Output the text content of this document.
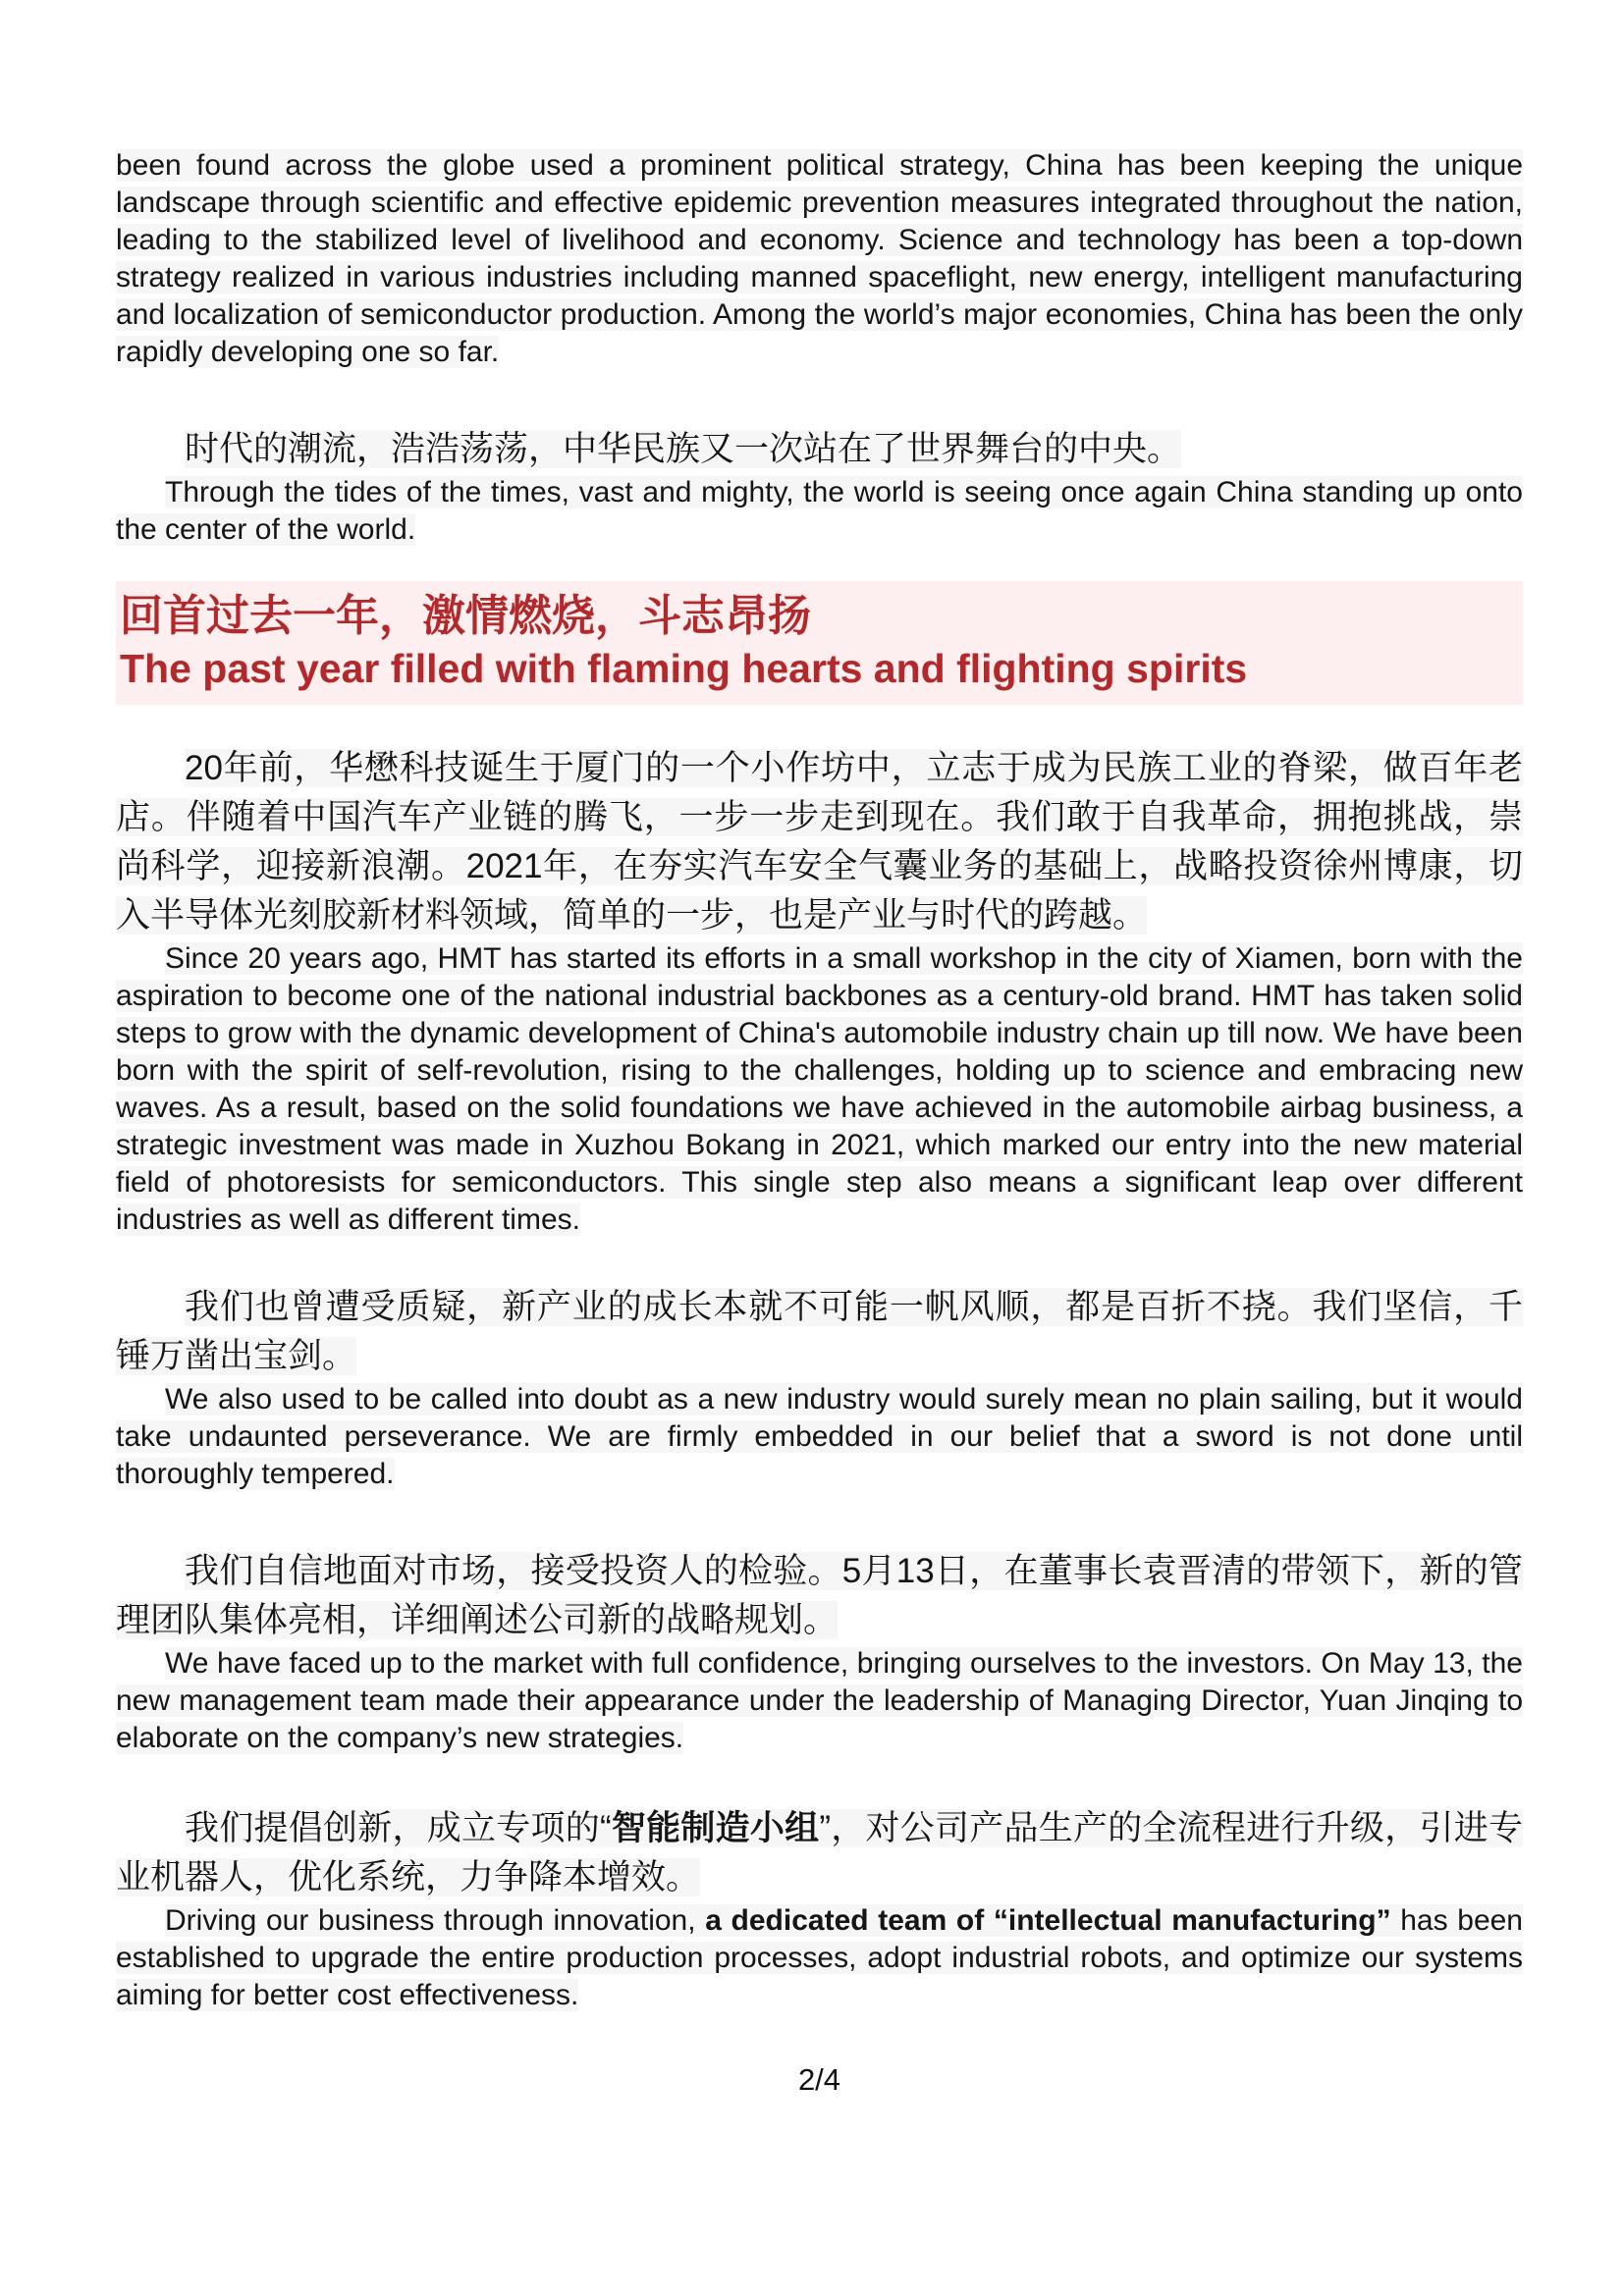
been found across the globe used a prominent political strategy, China has been keeping the unique landscape through scientific and effective epidemic prevention measures integrated throughout the nation, leading to the stabilized level of livelihood and economy. Science and technology has been a top-down strategy realized in various industries including manned spaceflight, new energy, intelligent manufacturing and localization of semiconductor production. Among the world’s major economies, China has been the only rapidly developing one so far.

时代的潮流，浩浩荡荡，中华民族又一次站在了世界舞台的中央。

Through the tides of the times, vast and mighty, the world is seeing once again China standing up onto the center of the world.

回首过去一年，激情燃烧，斗志昂扬

The past year filled with flaming hearts and flighting spirits

20年前，华懋科技诞生于厦门的一个小作坊中，立志于成为民族工业的脊梁，做百年老店。伴随着中国汽车产业链的腾飞，一步一步走到现在。我们敢于自我革命，拥抱挑战，崇尚科学，迎接新浪潮。2021年，在夯实汽车安全气囊业务的基础上，战略投资徐州博康，切入半导体光刻胶新材料领域，简单的一步，也是产业与时代的跨越。

Since 20 years ago, HMT has started its efforts in a small workshop in the city of Xiamen, born with the aspiration to become one of the national industrial backbones as a century-old brand. HMT has taken solid steps to grow with the dynamic development of China's automobile industry chain up till now. We have been born with the spirit of self-revolution, rising to the challenges, holding up to science and embracing new waves. As a result, based on the solid foundations we have achieved in the automobile airbag business, a strategic investment was made in Xuzhou Bokang in 2021, which marked our entry into the new material field of photoresists for semiconductors. This single step also means a significant leap over different industries as well as different times.

我们也曾遭受质疑，新产业的成长本就不可能一帆风顺，都是百折不挠。我们坚信，千锤万凿出宝剑。

We also used to be called into doubt as a new industry would surely mean no plain sailing, but it would take undaunted perseverance. We are firmly embedded in our belief that a sword is not done until thoroughly tempered.

我们自信地面对市场，接受投资人的检验。5月13日，在董事长袁晋清的带领下，新的管理团队集体亮相，详细阐述公司新的战略规划。

We have faced up to the market with full confidence, bringing ourselves to the investors. On May 13, the new management team made their appearance under the leadership of Managing Director, Yuan Jinqing to elaborate on the company’s new strategies.

我们提倡创新，成立专项的“智能制造小组”，对公司产品生产的全流程进行升级，引进专业机器人，优化系统，力争降本增效。

Driving our business through innovation, a dedicated team of “intellectual manufacturing” has been established to upgrade the entire production processes, adopt industrial robots, and optimize our systems aiming for better cost effectiveness.

2/4
